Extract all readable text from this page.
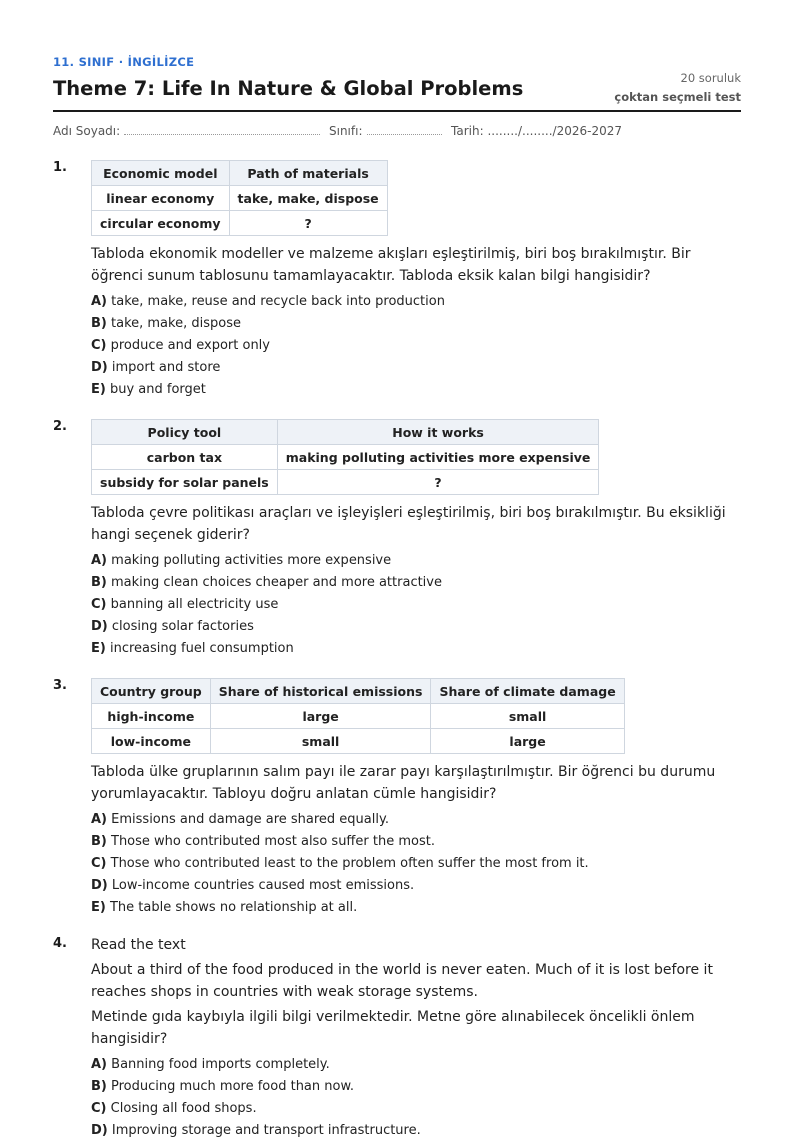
11. SINIF · İNGİLİZCE
Theme 7: Life In Nature & Global Problems	20 soruluk
çoktan seçmeli test
Adı Soyadı:	Sınıfı:	Tarih: ......../......../2026-2027
1.	Economic model	Path of materials
linear economy	take, make, dispose
circular economy	?
Tabloda ekonomik modeller ve malzeme akışları eşleştirilmiş, biri boş bırakılmıştır. Bir öğrenci sunum tablosunu tamamlayacaktır. Tabloda eksik kalan bilgi hangisidir?
A) take, make, reuse and recycle back into production
B) take, make, dispose
C) produce and export only
D) import and store
E) buy and forget
2.	Policy tool	How it works
carbon tax	making polluting activities more expensive
subsidy for solar panels	?
Tabloda çevre politikası araçları ve işleyişleri eşleştirilmiş, biri boş bırakılmıştır. Bu eksikliği hangi seçenek giderir?
A) making polluting activities more expensive
B) making clean choices cheaper and more attractive
C) banning all electricity use
D) closing solar factories
E) increasing fuel consumption
3.	Country group	Share of historical emissions	Share of climate damage
high-income	large	small
low-income	small	large
Tabloda ülke gruplarının salım payı ile zarar payı karşılaştırılmıştır. Bir öğrenci bu durumu yorumlayacaktır. Tabloyu doğru anlatan cümle hangisidir?
A) Emissions and damage are shared equally.
B) Those who contributed most also suffer the most.
C) Those who contributed least to the problem often suffer the most from it.
D) Low-income countries caused most emissions.
E) The table shows no relationship at all.
4. Read the text
About a third of the food produced in the world is never eaten. Much of it is lost before it reaches shops in countries with weak storage systems.
Metinde gıda kaybıyla ilgili bilgi verilmektedir. Metne göre alınabilecek öncelikli önlem hangisidir?
A) Banning food imports completely.
B) Producing much more food than now.
C) Closing all food shops.
D) Improving storage and transport infrastructure.
